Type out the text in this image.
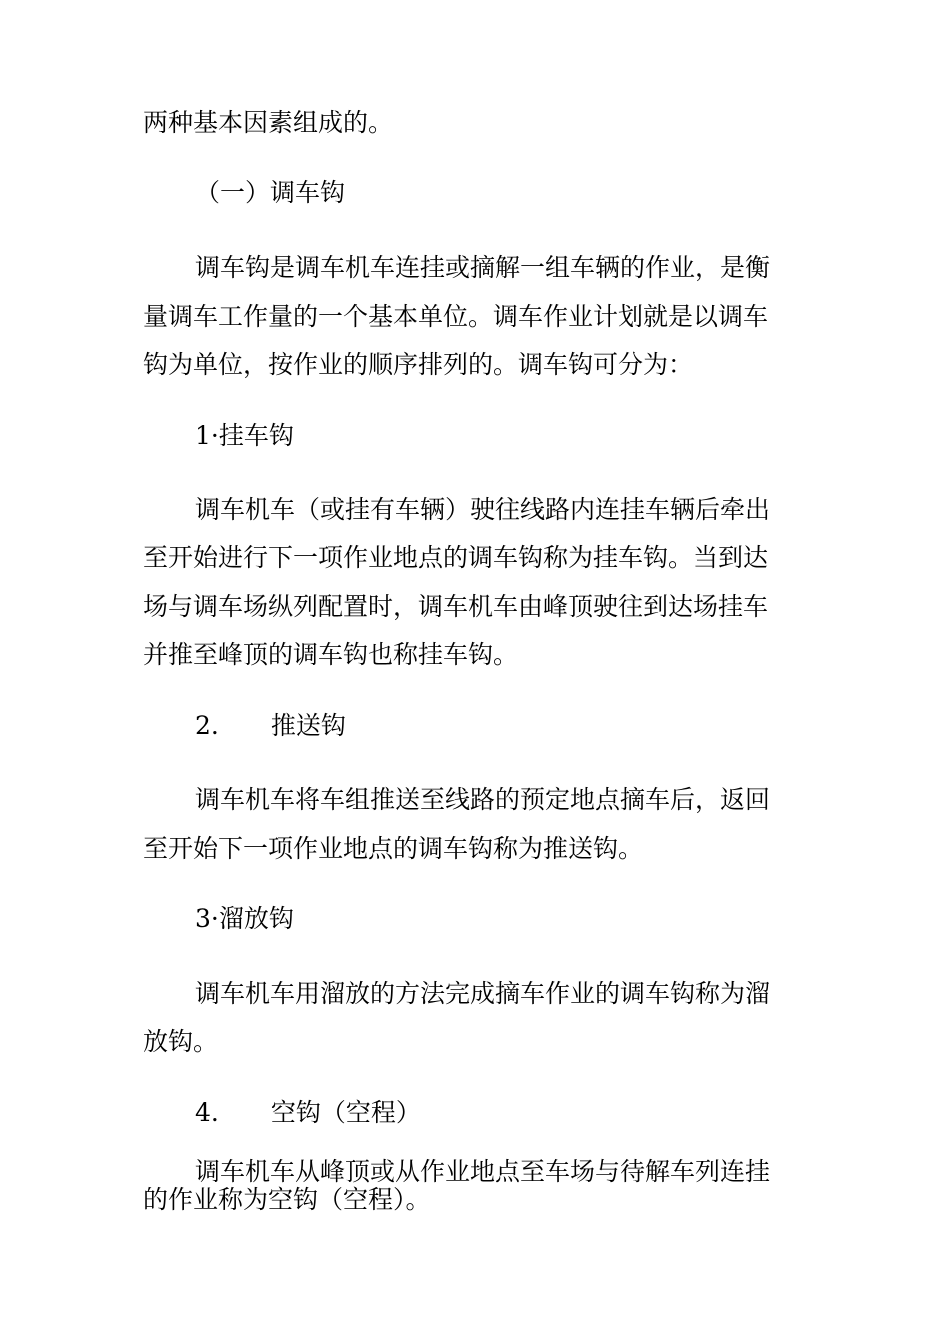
两种基本因素组成的。
（一）调车钩
调车钩是调车机车连挂或摘解一组车辆的作业，是衡
量调车工作量的一个基本单位。调车作业计划就是以调车
钩为单位，按作业的顺序排列的。调车钩可分为：
1·挂车钩
调车机车（或挂有车辆）驶往线路内连挂车辆后牵出
至开始进行下一项作业地点的调车钩称为挂车钩。当到达
场与调车场纵列配置时，调车机车由峰顶驶往到达场挂车
并推至峰顶的调车钩也称挂车钩。
2. 推送钩
调车机车将车组推送至线路的预定地点摘车后，返回
至开始下一项作业地点的调车钩称为推送钩。
3·溜放钩
调车机车用溜放的方法完成摘车作业的调车钩称为溜
放钩。
4. 空钩（空程）
调车机车从峰顶或从作业地点至车场与待解车列连挂
的作业称为空钩（空程）。
